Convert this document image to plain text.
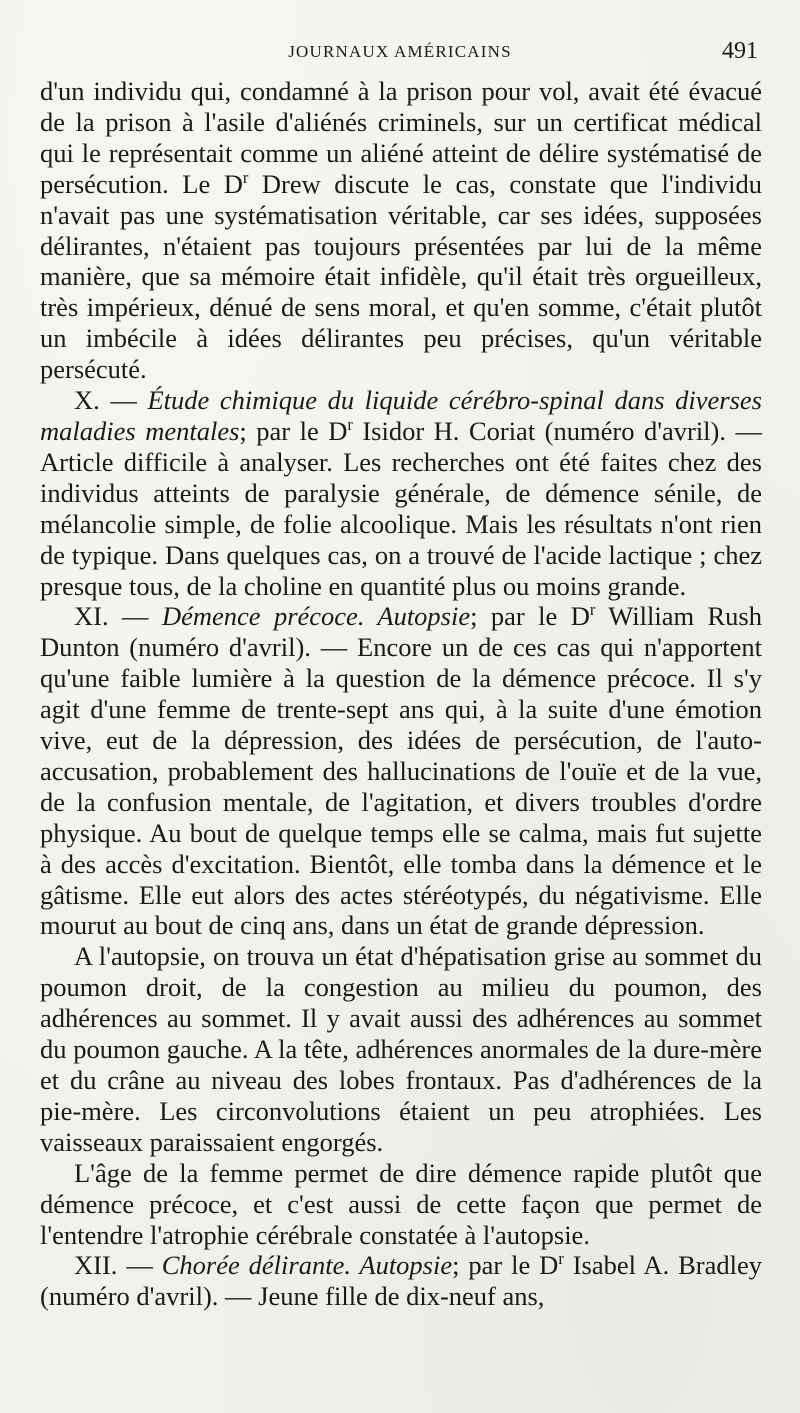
JOURNAUX AMÉRICAINS	491

d'un individu qui, condamné à la prison pour vol, avait été évacué de la prison à l'asile d'aliénés criminels, sur un certificat médical qui le représentait comme un aliéné atteint de délire systématisé de persécution. Le $D^r$ Drew discute le cas, constate que l'individu n'avait pas une systématisation véritable, car ses idées, supposées délirantes, n'étaient pas toujours présentées par lui de la même manière, que sa mémoire était infidèle, qu'il était très orgueilleux, très impérieux, dénué de sens moral, et qu'en somme, c'était plutôt un imbécile à idées délirantes peu précises, qu'un véritable persécuté.

X. — Étude chimique du liquide cérébro-spinal dans diverses maladies mentales; par le $D^r$ Isidor H. Coriat (numéro d'avril). — Article difficile à analyser. Les recherches ont été faites chez des individus atteints de paralysie générale, de démence sénile, de mélancolie simple, de folie alcoolique. Mais les résultats n'ont rien de typique. Dans quelques cas, on a trouvé de l'acide lactique ; chez presque tous, de la choline en quantité plus ou moins grande.

XI. — Démence précoce. Autopsie; par le $D^r$ William Rush Dunton (numéro d'avril). — Encore un de ces cas qui n'apportent qu'une faible lumière à la question de la démence précoce. Il s'y agit d'une femme de trente-sept ans qui, à la suite d'une émotion vive, eut de la dépression, des idées de persécution, de l'auto-accusation, probablement des hallucinations de l'ouïe et de la vue, de la confusion mentale, de l'agitation, et divers troubles d'ordre physique. Au bout de quelque temps elle se calma, mais fut sujette à des accès d'excitation. Bientôt, elle tomba dans la démence et le gâtisme. Elle eut alors des actes stéréotypés, du négativisme. Elle mourut au bout de cinq ans, dans un état de grande dépression.

A l'autopsie, on trouva un état d'hépatisation grise au sommet du poumon droit, de la congestion au milieu du poumon, des adhérences au sommet. Il y avait aussi des adhérences au sommet du poumon gauche. A la tête, adhérences anormales de la dure-mère et du crâne au niveau des lobes frontaux. Pas d'adhérences de la pie-mère. Les circonvolutions étaient un peu atrophiées. Les vaisseaux paraissaient engorgés.

L'âge de la femme permet de dire démence rapide plutôt que démence précoce, et c'est aussi de cette façon que permet de l'entendre l'atrophie cérébrale constatée à l'autopsie.

XII. — Chorée délirante. Autopsie; par le $D^r$ Isabel A. Bradley (numéro d'avril). — Jeune fille de dix-neuf ans,
